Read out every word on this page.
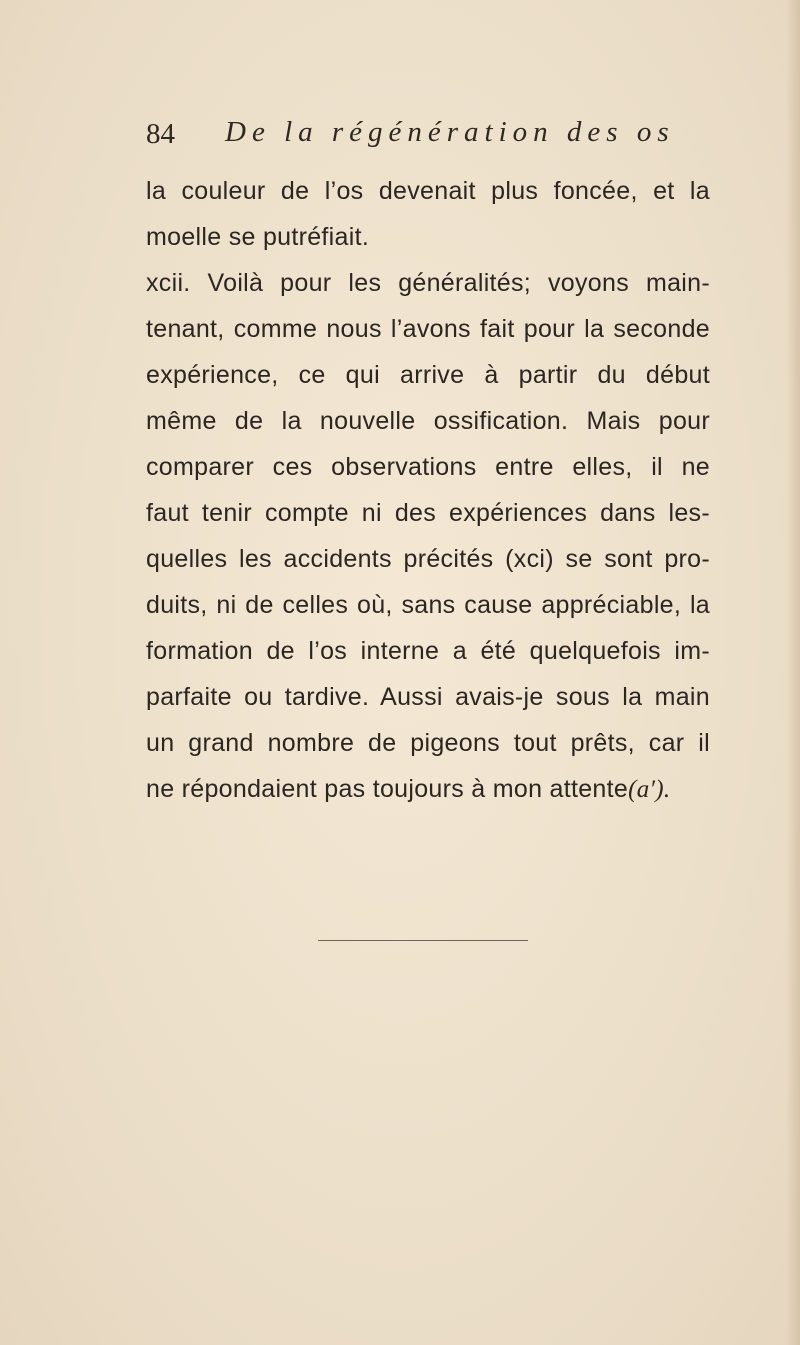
84 De la régénération des os
la couleur de l’os devenait plus foncée, et la
moelle se putréfiait.
xcii. Voilà pour les généralités; voyons main-
tenant, comme nous l’avons fait pour la seconde
expérience, ce qui arrive à partir du début
même de la nouvelle ossification. Mais pour
comparer ces observations entre elles, il ne
faut tenir compte ni des expériences dans les-
quelles les accidents précités (xci) se sont pro-
duits, ni de celles où, sans cause appréciable, la
formation de l’os interne a été quelquefois im-
parfaite ou tardive. Aussi avais-je sous la main
un grand nombre de pigeons tout prêts, car il
ne répondaient pas toujours à mon attente(a′).
